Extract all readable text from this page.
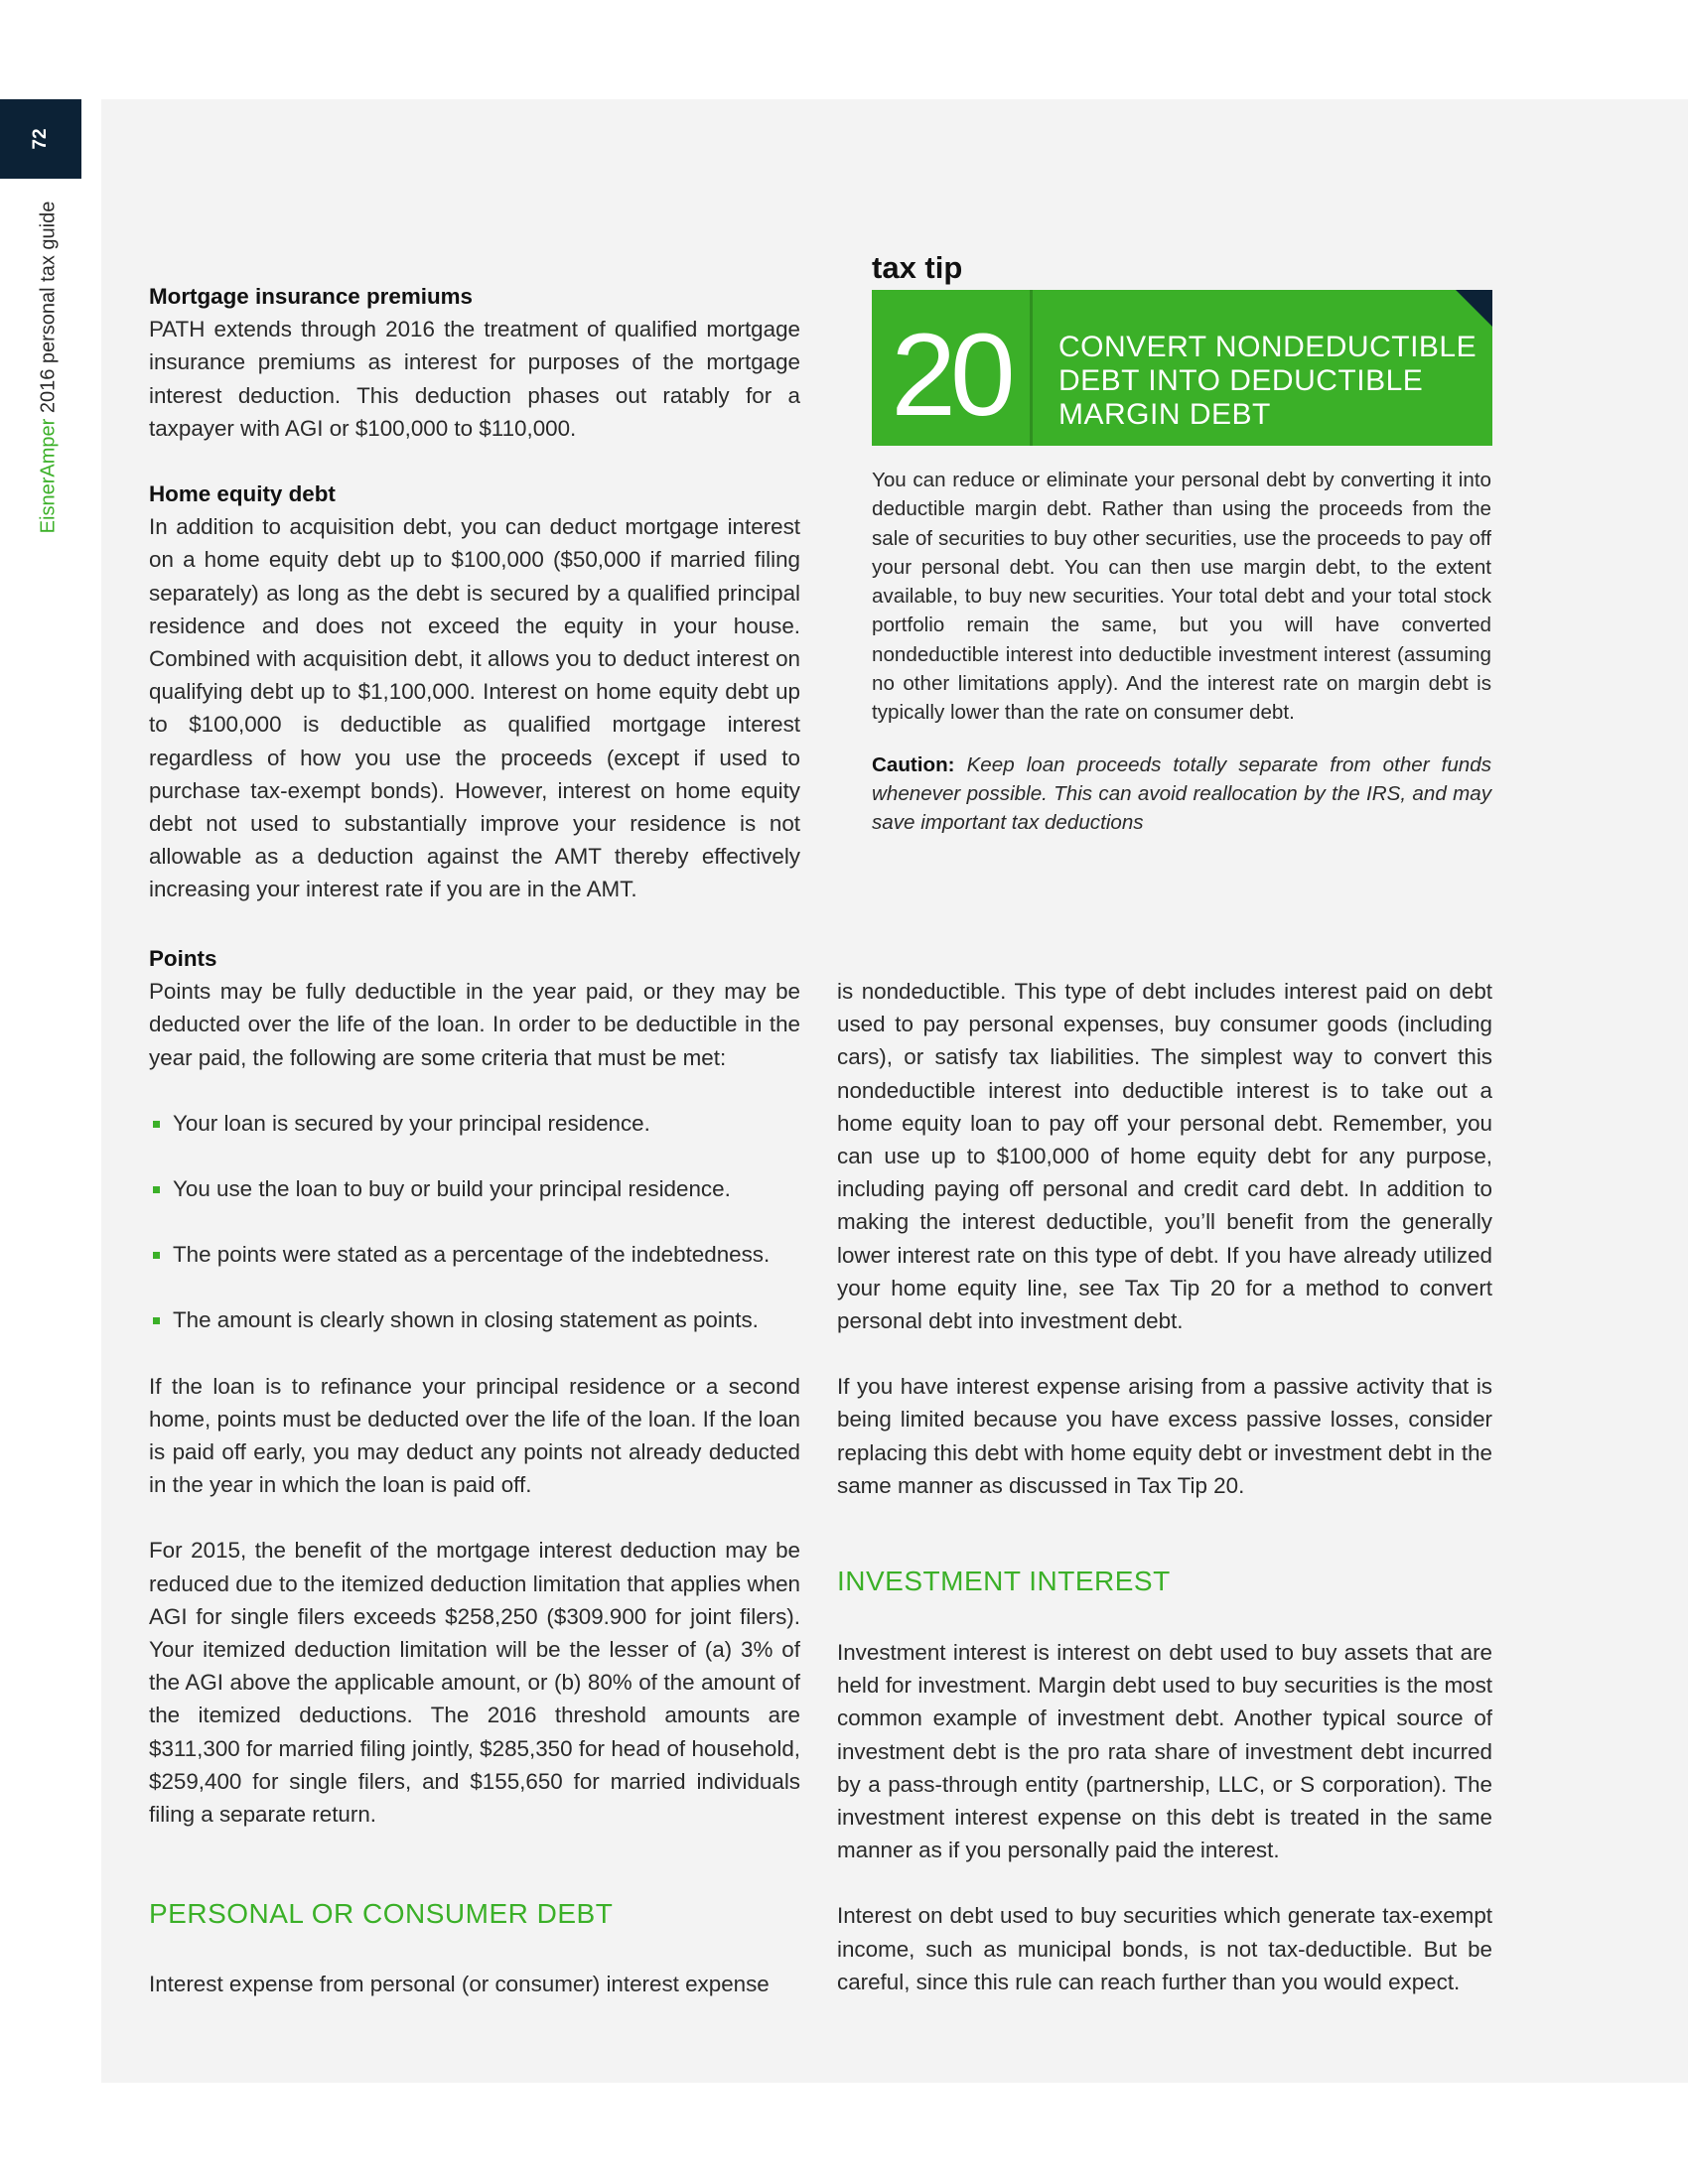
72
EisnerAmper 2016 personal tax guide	Mortgage insurance premiums

PATH extends through 2016 the treatment of qualified mortgage insurance premiums as interest for purposes of the mortgage interest deduction. This deduction phases out ratably for a taxpayer with AGI or $100,000 to $110,000.

Home equity debt

In addition to acquisition debt, you can deduct mortgage interest on a home equity debt up to $100,000 ($50,000 if married filing separately) as long as the debt is secured by a qualified principal residence and does not exceed the equity in your house. Combined with acquisition debt, it allows you to deduct interest on qualifying debt up to $1,100,000. Interest on home equity debt up to $100,000 is deductible as qualified mortgage interest regardless of how you use the proceeds (except if used to purchase tax-exempt bonds). However, interest on home equity debt not used to substantially improve your residence is not allowable as a deduction against the AMT thereby effectively increasing your interest rate if you are in the AMT.

tax tip
20	CONVERT NONDEDUCTIBLE
DEBT INTO DEDUCTIBLE
MARGIN DEBT

You can reduce or eliminate your personal debt by converting it into deductible margin debt. Rather than using the proceeds from the sale of securities to buy other securities, use the proceeds to pay off your personal debt. You can then use margin debt, to the extent available, to buy new securities. Your total debt and your total stock portfolio remain the same, but you will have converted nondeductible interest into deductible investment interest (assuming no other limitations apply). And the interest rate on margin debt is typically lower than the rate on consumer debt.

Caution: Keep loan proceeds totally separate from other funds whenever possible. This can avoid reallocation by the IRS, and may save important tax deductions

Points

Points may be fully deductible in the year paid, or they may be deducted over the life of the loan. In order to be deductible in the year paid, the following are some criteria that must be met:

Your loan is secured by your principal residence.
You use the loan to buy or build your principal residence.
The points were stated as a percentage of the indebtedness.
The amount is clearly shown in closing statement as points.

If the loan is to refinance your principal residence or a second home, points must be deducted over the life of the loan. If the loan is paid off early, you may deduct any points not already deducted in the year in which the loan is paid off.

For 2015, the benefit of the mortgage interest deduction may be reduced due to the itemized deduction limitation that applies when AGI for single filers exceeds $258,250 ($309.900 for joint filers). Your itemized deduction limitation will be the lesser of (a) 3% of the AGI above the applicable amount, or (b) 80% of the amount of the itemized deductions. The 2016 threshold amounts are $311,300 for married filing jointly, $285,350 for head of household, $259,400 for single filers, and $155,650 for married individuals filing a separate return.

PERSONAL OR CONSUMER DEBT

Interest expense from personal (or consumer) interest expense

is nondeductible. This type of debt includes interest paid on debt used to pay personal expenses, buy consumer goods (including cars), or satisfy tax liabilities. The simplest way to convert this nondeductible interest into deductible interest is to take out a home equity loan to pay off your personal debt. Remember, you can use up to $100,000 of home equity debt for any purpose, including paying off personal and credit card debt. In addition to making the interest deductible, you’ll benefit from the generally lower interest rate on this type of debt. If you have already utilized your home equity line, see Tax Tip 20 for a method to convert personal debt into investment debt.

If you have interest expense arising from a passive activity that is being limited because you have excess passive losses, consider replacing this debt with home equity debt or investment debt in the same manner as discussed in Tax Tip 20.

INVESTMENT INTEREST

Investment interest is interest on debt used to buy assets that are held for investment. Margin debt used to buy securities is the most common example of investment debt. Another typical source of investment debt is the pro rata share of investment debt incurred by a pass-through entity (partnership, LLC, or S corporation). The investment interest expense on this debt is treated in the same manner as if you personally paid the interest.

Interest on debt used to buy securities which generate tax-exempt income, such as municipal bonds, is not tax-deductible. But be careful, since this rule can reach further than you would expect.
